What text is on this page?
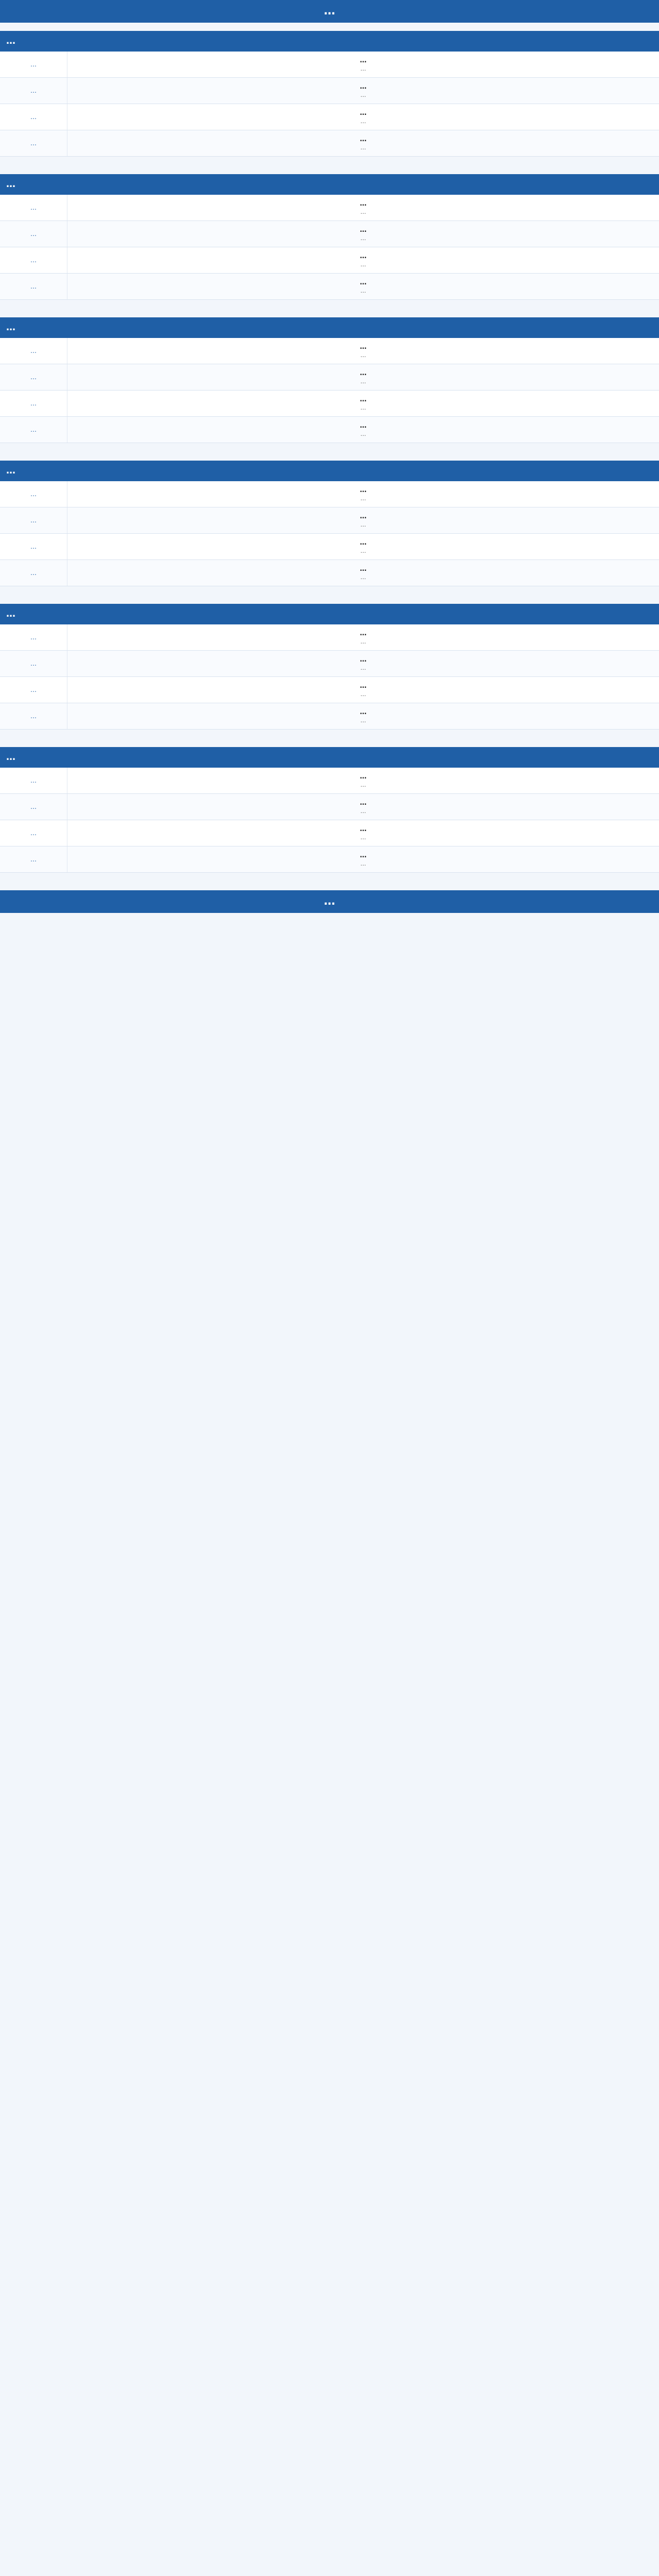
…
…
…	…
…
…	…
…
…	…
…
…	…
…
…
…	…
…
…	…
…
…	…
…
…	…
…
…
…	…
…
…	…
…
…	…
…
…	…
…
…
…	…
…
…	…
…
…	…
…
…	…
…
…
…	…
…
…	…
…
…	…
…
…	…
…
…
…	…
…
…	…
…
…	…
…
…	…
…
…
